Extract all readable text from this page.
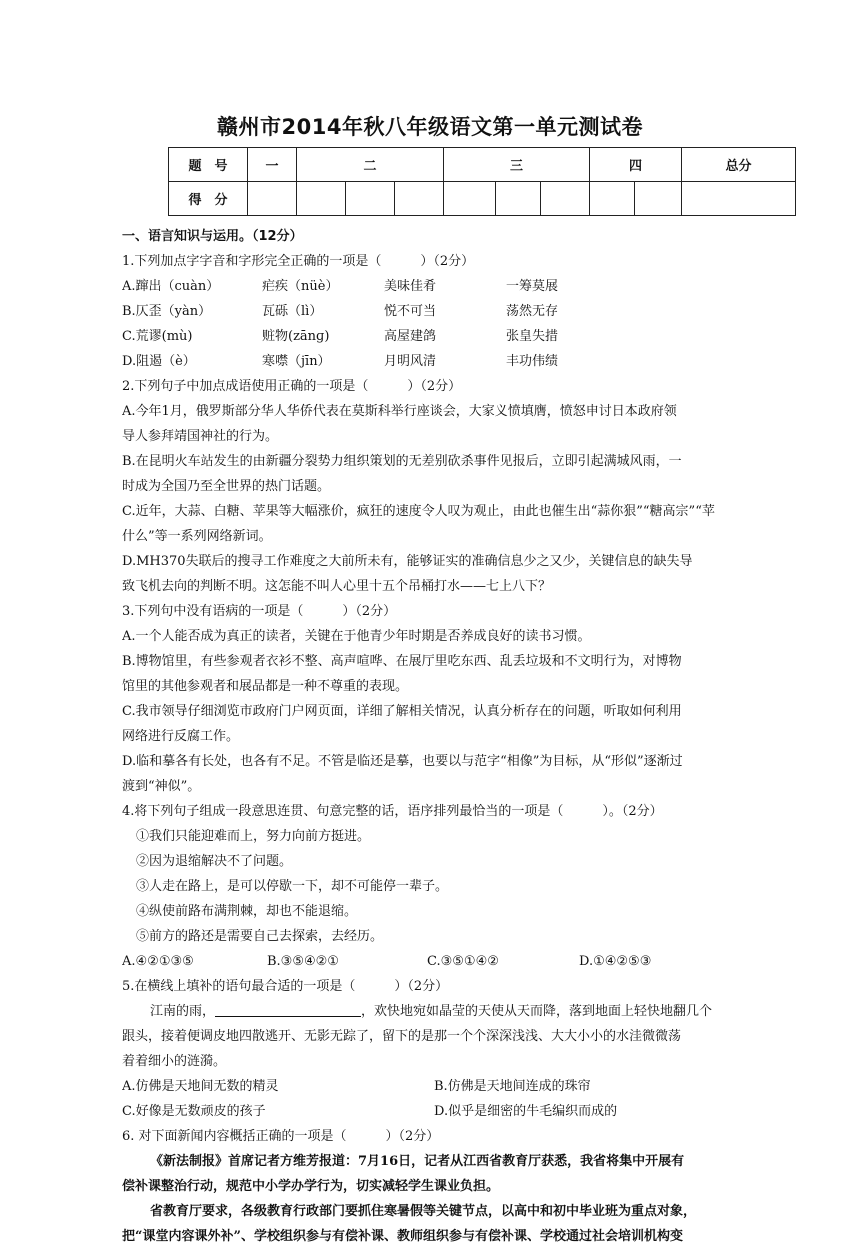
赣州市2014年秋八年级语文第一单元测试卷
题　号	一	二			三			四		总分
得　分										
一、语言知识与运用。（12分）
1.下列加点字字音和字形完全正确的一项是（　　　）（2分）
A.蹿出（cuàn）	疟疾（nüè）	美味佳肴	一筹莫展
B.仄歪（yàn）	瓦砾（lì）	悦不可当	荡然无存
C.荒谬(mù)	赃物(zānɡ)	高屋建鸽	张皇失措
D.阻遏（è）	寒噤（jīn）	月明风清	丰功伟绩
2.下列句子中加点成语使用正确的一项是（　　　）（2分）
A.今年1月，俄罗斯部分华人华侨代表在莫斯科举行座谈会，大家义愤填膺，愤怒申讨日本政府领
导人参拜靖国神社的行为。
B.在昆明火车站发生的由新疆分裂势力组织策划的无差别砍杀事件见报后，立即引起满城风雨，一
时成为全国乃至全世界的热门话题。
C.近年，大蒜、白糖、苹果等大幅涨价，疯狂的速度令人叹为观止，由此也催生出“蒜你狠”“糖高宗”“苹
什么”等一系列网络新词。
D.MH370失联后的搜寻工作难度之大前所未有，能够证实的准确信息少之又少，关键信息的缺失导
致飞机去向的判断不明。这怎能不叫人心里十五个吊桶打水——七上八下？
3.下列句中没有语病的一项是（　　　）（2分）
A.一个人能否成为真正的读者，关键在于他青少年时期是否养成良好的读书习惯。
B.博物馆里，有些参观者衣衫不整、高声喧哗、在展厅里吃东西、乱丢垃圾和不文明行为，对博物
馆里的其他参观者和展品都是一种不尊重的表现。
C.我市领导仔细浏览市政府门户网页面，详细了解相关情况，认真分析存在的问题，听取如何利用
网络进行反腐工作。
D.临和摹各有长处，也各有不足。不管是临还是摹，也要以与范字“相像”为目标，从“形似”逐渐过
渡到“神似”。
4.将下列句子组成一段意思连贯、句意完整的话，语序排列最恰当的一项是（　　　）。（2分）
①我们只能迎难而上，努力向前方挺进。
②因为退缩解决不了问题。
③人走在路上，是可以停歇一下，却不可能停一辈子。
④纵使前路布满荆棘，却也不能退缩。
⑤前方的路还是需要自己去探索，去经历。
A.④②①③⑤	B.③⑤④②①	C.③⑤①④②	D.①④②⑤③
5.在横线上填补的语句最合适的一项是（　　　）（2分）
江南的雨，	，欢快地宛如晶莹的天使从天而降，落到地面上轻快地翻几个
跟头，接着便调皮地四散逃开、无影无踪了，留下的是那一个个深深浅浅、大大小小的水洼微微荡
着着细小的涟漪。
A.仿佛是天地间无数的精灵	B.仿佛是天地间连成的珠帘
C.好像是无数顽皮的孩子	D.似乎是细密的牛毛编织而成的
6. 对下面新闻内容概括正确的一项是（　　　）（2分）
《新法制报》首席记者方维芳报道：7月16日，记者从江西省教育厅获悉，我省将集中开展有
偿补课整治行动，规范中小学办学行为，切实减轻学生课业负担。
省教育厅要求，各级教育行政部门要抓住寒暑假等关键节点，以高中和初中毕业班为重点对象，
把“课堂内容课外补”、学校组织参与有偿补课、教师组织参与有偿补课、学校通过社会培训机构变
